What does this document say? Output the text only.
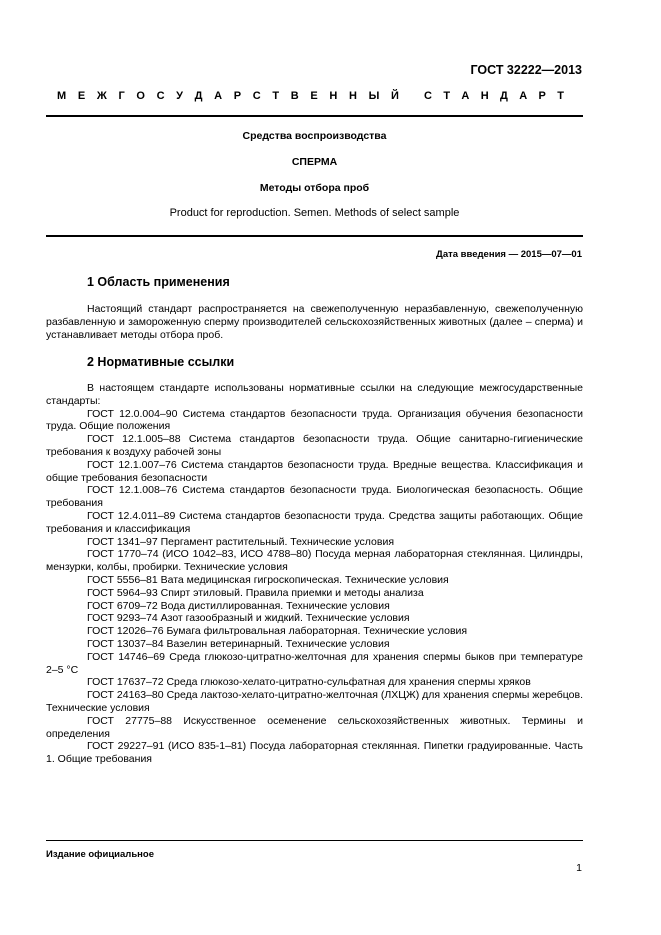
ГОСТ 32222—2013
М Е Ж Г О С У Д А Р С Т В Е Н Н Ы Й С Т А Н Д А Р Т
Средства воспроизводства
СПЕРМА
Методы отбора проб
Product for reproduction. Semen. Methods of select sample
Дата введения — 2015—07—01
1 Область применения

Настоящий стандарт распространяется на свежеполученную неразбавленную, свежеполученную разбавленную и замороженную сперму производителей сельскохозяйственных животных (далее – сперма) и устанавливает методы отбора проб.

2 Нормативные ссылки

В настоящем стандарте использованы нормативные ссылки на следующие межгосударственные стандарты:

ГОСТ 12.0.004–90 Система стандартов безопасности труда. Организация обучения безопасности труда. Общие положения

ГОСТ 12.1.005–88 Система стандартов безопасности труда. Общие санитарно-гигиенические требования к воздуху рабочей зоны

ГОСТ 12.1.007–76 Система стандартов безопасности труда. Вредные вещества. Классификация и общие требования безопасности

ГОСТ 12.1.008–76 Система стандартов безопасности труда. Биологическая безопасность. Общие требования

ГОСТ 12.4.011–89 Система стандартов безопасности труда. Средства защиты работающих. Общие требования и классификация

ГОСТ 1341–97 Пергамент растительный. Технические условия

ГОСТ 1770–74 (ИСО 1042–83, ИСО 4788–80) Посуда мерная лабораторная стеклянная. Цилиндры, мензурки, колбы, пробирки. Технические условия

ГОСТ 5556–81 Вата медицинская гигроскопическая. Технические условия

ГОСТ 5964–93 Спирт этиловый. Правила приемки и методы анализа

ГОСТ 6709–72 Вода дистиллированная. Технические условия

ГОСТ 9293–74 Азот газообразный и жидкий. Технические условия

ГОСТ 12026–76 Бумага фильтровальная лабораторная. Технические условия

ГОСТ 13037–84 Вазелин ветеринарный. Технические условия

ГОСТ 14746–69 Среда глюкозо-цитратно-желточная для хранения спермы быков при температуре 2–5 °С

ГОСТ 17637–72 Среда глюкозо-хелато-цитратно-сульфатная для хранения спермы хряков

ГОСТ 24163–80 Среда лактозо-хелато-цитратно-желточная (ЛХЦЖ) для хранения спермы жеребцов. Технические условия

ГОСТ 27775–88 Искусственное осеменение сельскохозяйственных животных. Термины и определения

ГОСТ 29227–91 (ИСО 835-1–81) Посуда лабораторная стеклянная. Пипетки градуированные. Часть 1. Общие требования

Издание официальное
1
